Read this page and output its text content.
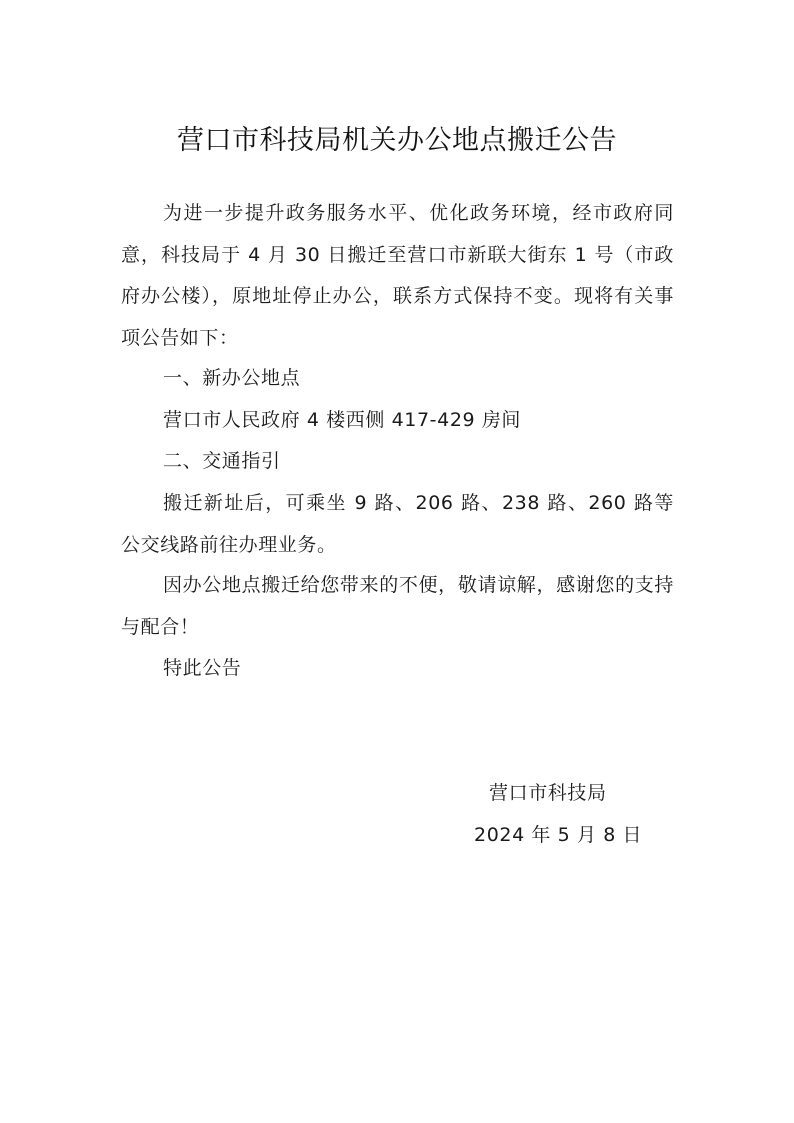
营口市科技局机关办公地点搬迁公告

为进一步提升政务服务水平、优化政务环境，经市政府同意，科技局于 4 月 30 日搬迁至营口市新联大街东 1 号（市政府办公楼），原地址停止办公，联系方式保持不变。现将有关事项公告如下：

一、新办公地点
营口市人民政府 4 楼西侧 417-429 房间
二、交通指引

搬迁新址后，可乘坐 9 路、206 路、238 路、260 路等公交线路前往办理业务。

因办公地点搬迁给您带来的不便，敬请谅解，感谢您的支持与配合！

特此公告
营口市科技局
2024 年 5 月 8 日
